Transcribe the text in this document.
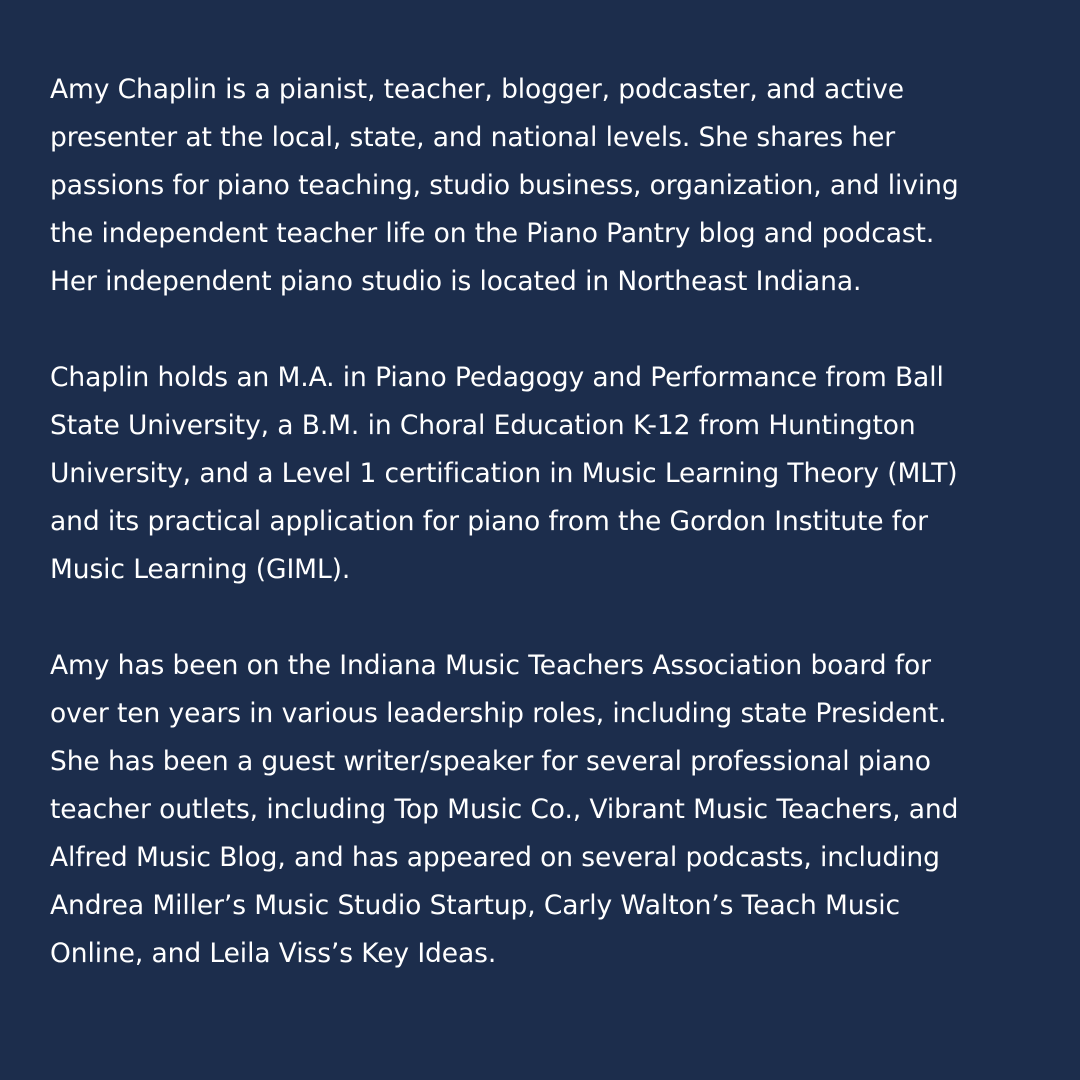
Amy Chaplin is a pianist, teacher, blogger, podcaster, and active
presenter at the local, state, and national levels. She shares her
passions for piano teaching, studio business, organization, and living
the independent teacher life on the Piano Pantry blog and podcast.
Her independent piano studio is located in Northeast Indiana.

Chaplin holds an M.A. in Piano Pedagogy and Performance from Ball
State University, a B.M. in Choral Education K-12 from Huntington
University, and a Level 1 certification in Music Learning Theory (MLT)
and its practical application for piano from the Gordon Institute for
Music Learning (GIML).

Amy has been on the Indiana Music Teachers Association board for
over ten years in various leadership roles, including state President.
She has been a guest writer/speaker for several professional piano
teacher outlets, including Top Music Co., Vibrant Music Teachers, and
Alfred Music Blog, and has appeared on several podcasts, including
Andrea Miller’s Music Studio Startup, Carly Walton’s Teach Music
Online, and Leila Viss’s Key Ideas.
